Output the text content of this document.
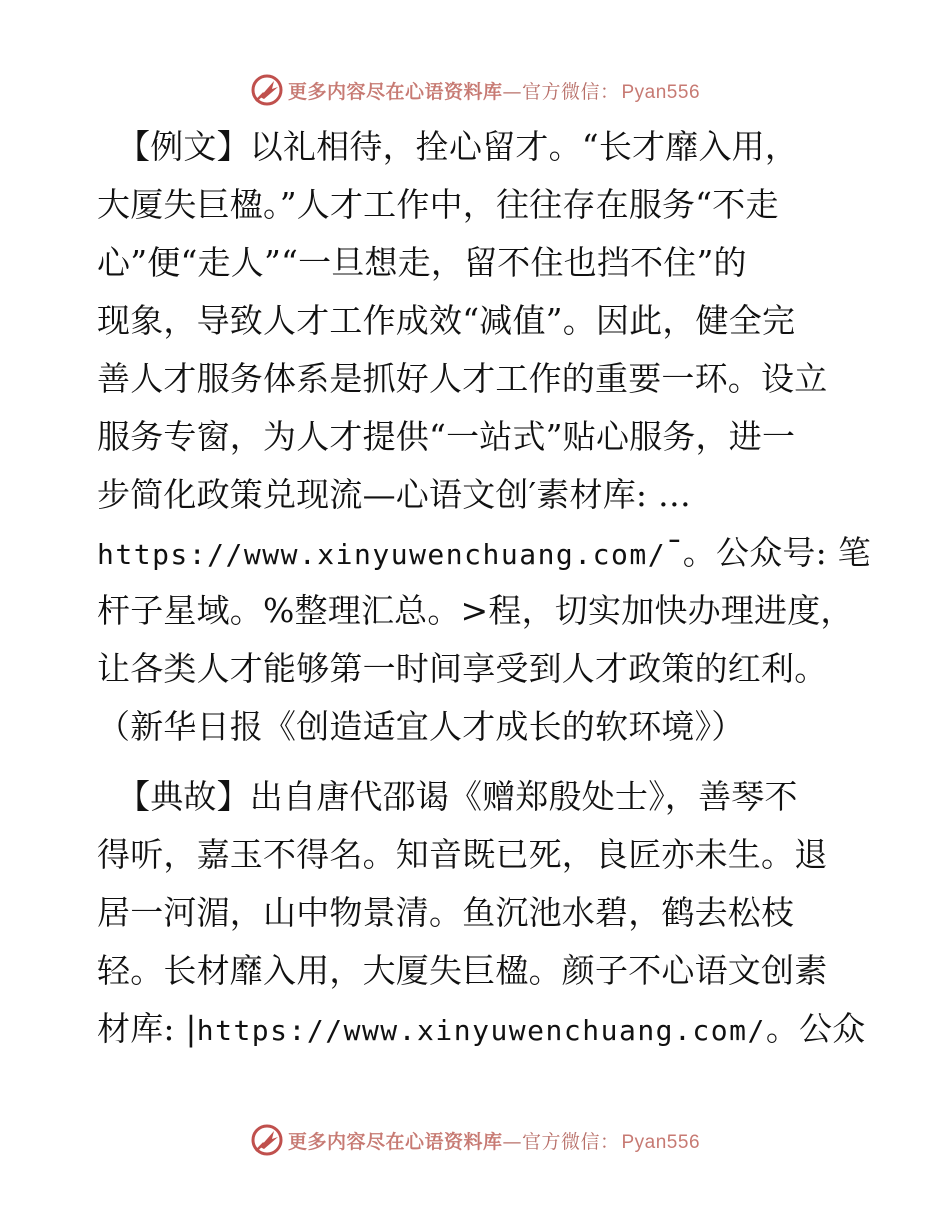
更多内容尽在心语资料库—官方微信： Pyan556
【例文】以礼相待，拴心留才。“长才靡入用，
大厦失巨楹。”人才工作中，往往存在服务“不走
心”便“走人”“一旦想走，留不住也挡不住”的
现象，导致人才工作成效“减值”。因此，健全完
善人才服务体系是抓好人才工作的重要一环。设立
服务专窗，为人才提供“一站式”贴心服务，进一
步简化政策兑现流—心语文创′素材库: …
https://www.xinyuwenchuang.com/¯。公众号: 笔
杆子星域。%整理汇总。>程，切实加快办理进度，
让各类人才能够第一时间享受到人才政策的红利。
（新华日报《创造适宜人才成长的软环境》）
【典故】出自唐代邵谒《赠郑殷处士》，善琴不
得听，嘉玉不得名。知音既已死，良匠亦未生。退
居一河湄，山中物景清。鱼沉池水碧，鹤去松枝
轻。长材靡入用，大厦失巨楹。颜子不心语文创素
材库: |https://www.xinyuwenchuang.com/。公众
更多内容尽在心语资料库—官方微信： Pyan556
